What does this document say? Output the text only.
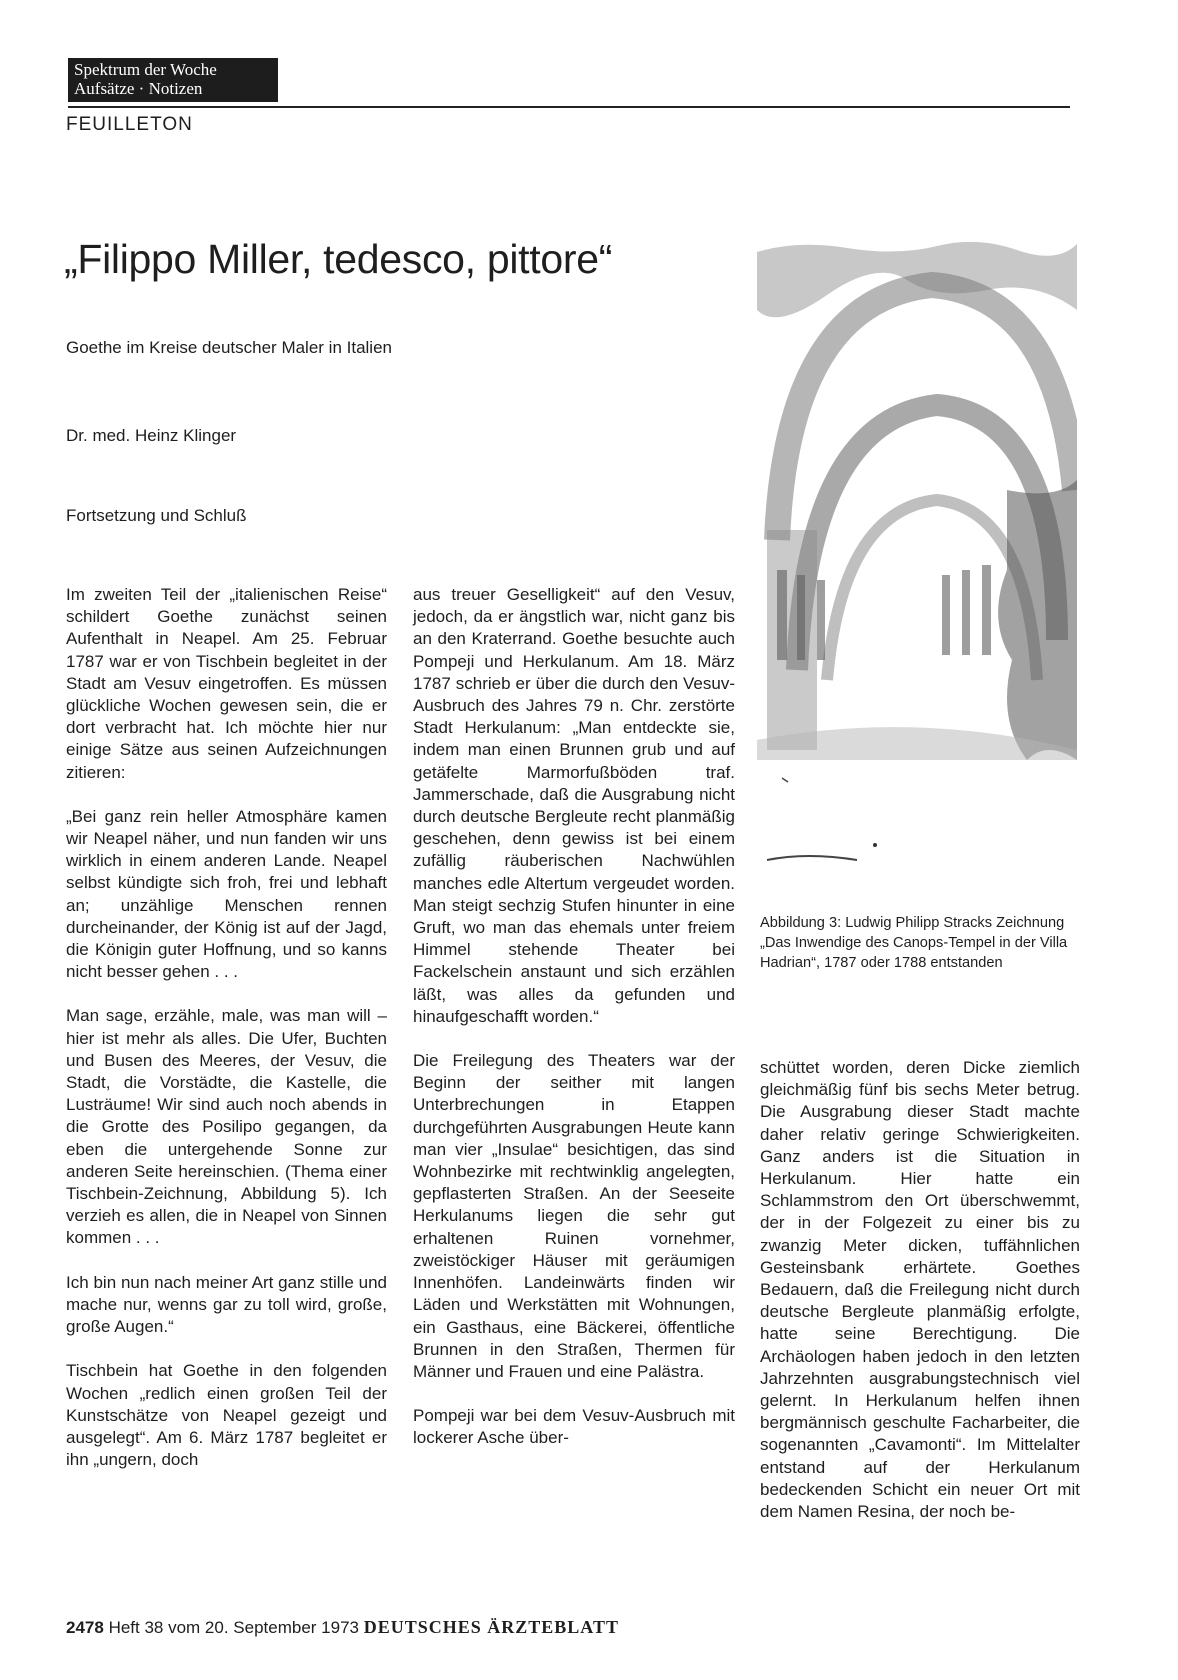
Spektrum der Woche
Aufsätze · Notizen
FEUILLETON
„Filippo Miller, tedesco, pittore“
Goethe im Kreise deutscher Maler in Italien
Dr. med. Heinz Klinger
Fortsetzung und Schluß

Im zweiten Teil der „italienischen Reise“ schildert Goethe zunächst seinen Aufenthalt in Neapel. Am 25. Februar 1787 war er von Tischbein begleitet in der Stadt am Vesuv eingetroffen. Es müssen glückliche Wochen gewesen sein, die er dort verbracht hat. Ich möchte hier nur einige Sätze aus seinen Aufzeichnungen zitieren:

„Bei ganz rein heller Atmosphäre kamen wir Neapel näher, und nun fanden wir uns wirklich in einem anderen Lande. Neapel selbst kündigte sich froh, frei und lebhaft an; unzählige Menschen rennen durcheinander, der König ist auf der Jagd, die Königin guter Hoffnung, und so kanns nicht besser gehen . . .

Man sage, erzähle, male, was man will – hier ist mehr als alles. Die Ufer, Buchten und Busen des Meeres, der Vesuv, die Stadt, die Vorstädte, die Kastelle, die Lusträume! Wir sind auch noch abends in die Grotte des Posilipo gegangen, da eben die untergehende Sonne zur anderen Seite hereinschien. (Thema einer Tischbein-Zeichnung, Abbildung 5). Ich verzieh es allen, die in Neapel von Sinnen kommen . . .

Ich bin nun nach meiner Art ganz stille und mache nur, wenns gar zu toll wird, große, große Augen.“

Tischbein hat Goethe in den folgenden Wochen „redlich einen großen Teil der Kunstschätze von Neapel gezeigt und ausgelegt“. Am 6. März 1787 begleitet er ihn „ungern, doch

aus treuer Geselligkeit“ auf den Vesuv, jedoch, da er ängstlich war, nicht ganz bis an den Kraterrand. Goethe besuchte auch Pompeji und Herkulanum. Am 18. März 1787 schrieb er über die durch den Vesuv-Ausbruch des Jahres 79 n. Chr. zerstörte Stadt Herkulanum: „Man entdeckte sie, indem man einen Brunnen grub und auf getäfelte Marmorfußböden traf. Jammerschade, daß die Ausgrabung nicht durch deutsche Bergleute recht planmäßig geschehen, denn gewiss ist bei einem zufällig räuberischen Nachwühlen manches edle Altertum vergeudet worden. Man steigt sechzig Stufen hinunter in eine Gruft, wo man das ehemals unter freiem Himmel stehende Theater bei Fackelschein anstaunt und sich erzählen läßt, was alles da gefunden und hinaufgeschafft worden.“

Die Freilegung des Theaters war der Beginn der seither mit langen Unterbrechungen in Etappen durchgeführten Ausgrabungen Heute kann man vier „Insulae“ besichtigen, das sind Wohnbezirke mit rechtwinklig angelegten, gepflasterten Straßen. An der Seeseite Herkulanums liegen die sehr gut erhaltenen Ruinen vornehmer, zweistöckiger Häuser mit geräumigen Innenhöfen. Landeinwärts finden wir Läden und Werkstätten mit Wohnungen, ein Gasthaus, eine Bäckerei, öffentliche Brunnen in den Straßen, Thermen für Männer und Frauen und eine Palästra.

Pompeji war bei dem Vesuv-Ausbruch mit lockerer Asche über-

schüttet worden, deren Dicke ziemlich gleichmäßig fünf bis sechs Meter betrug. Die Ausgrabung dieser Stadt machte daher relativ geringe Schwierigkeiten. Ganz anders ist die Situation in Herkulanum. Hier hatte ein Schlammstrom den Ort überschwemmt, der in der Folgezeit zu einer bis zu zwanzig Meter dicken, tuffähnlichen Gesteinsbank erhärtete. Goethes Bedauern, daß die Freilegung nicht durch deutsche Bergleute planmäßig erfolgte, hatte seine Berechtigung. Die Archäologen haben jedoch in den letzten Jahrzehnten ausgrabungstechnisch viel gelernt. In Herkulanum helfen ihnen bergmännisch geschulte Facharbeiter, die sogenannten „Cavamonti“. Im Mittelalter entstand auf der Herkulanum bedeckenden Schicht ein neuer Ort mit dem Namen Resina, der noch be-

Abbildung 3: Ludwig Philipp Stracks Zeichnung „Das Inwendige des Canops-Tempel in der Villa Hadrian“, 1787 oder 1788 entstanden
2478 Heft 38 vom 20. September 1973 DEUTSCHES ÄRZTEBLATT
